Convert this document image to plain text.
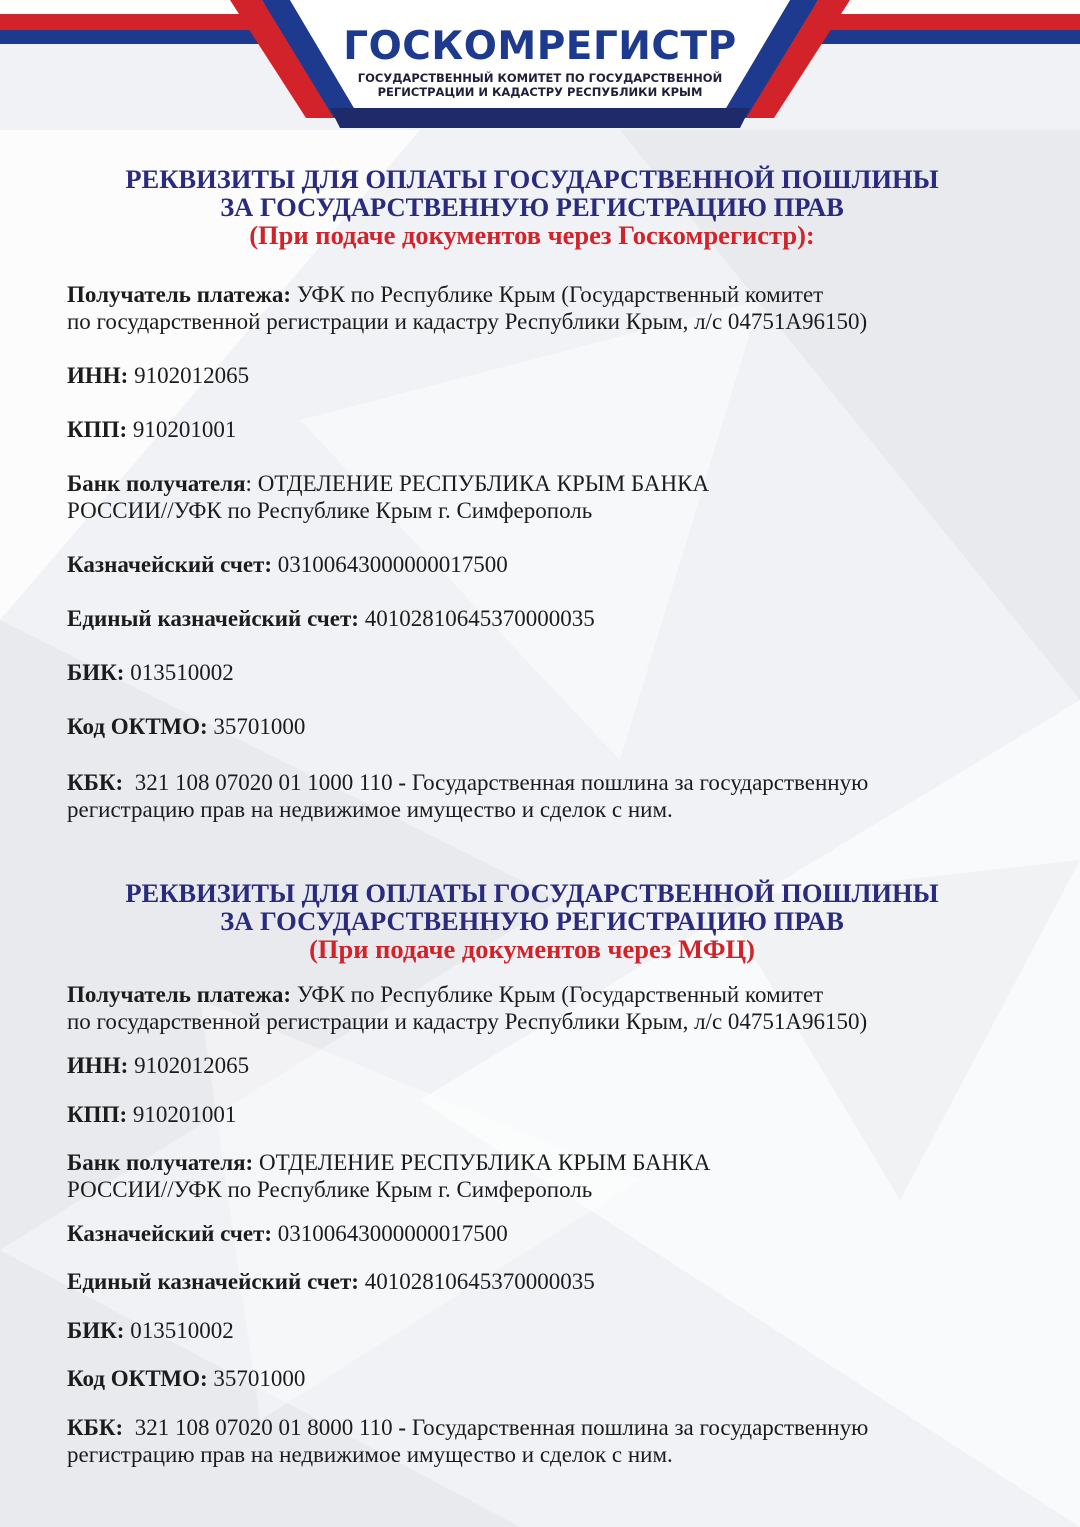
ГОСКОМРЕГИСТР
ГОСУДАРСТВЕННЫЙ КОМИТЕТ ПО ГОСУДАРСТВЕННОЙ
РЕГИСТРАЦИИ И КАДАСТРУ РЕСПУБЛИКИ КРЫМ
РЕКВИЗИТЫ ДЛЯ ОПЛАТЫ ГОСУДАРСТВЕННОЙ ПОШЛИНЫ
ЗА ГОСУДАРСТВЕННУЮ РЕГИСТРАЦИЮ ПРАВ
(При подаче документов через Госкомрегистр):
Получатель платежа: УФК по Республике Крым (Государственный комитет
по государственной регистрации и кадастру Республики Крым, л/с 04751А96150)
ИНН: 9102012065
КПП: 910201001
Банк получателя: ОТДЕЛЕНИЕ РЕСПУБЛИКА КРЫМ БАНКА
РОССИИ//УФК по Республике Крым г. Симферополь
Казначейский счет: 03100643000000017500
Единый казначейский счет: 40102810645370000035
БИК: 013510002
Код ОКТМО: 35701000
КБК: 321 108 07020 01 1000 110 - Государственная пошлина за государственную
регистрацию прав на недвижимое имущество и сделок с ним.
РЕКВИЗИТЫ ДЛЯ ОПЛАТЫ ГОСУДАРСТВЕННОЙ ПОШЛИНЫ
ЗА ГОСУДАРСТВЕННУЮ РЕГИСТРАЦИЮ ПРАВ
(При подаче документов через МФЦ)
Получатель платежа: УФК по Республике Крым (Государственный комитет
по государственной регистрации и кадастру Республики Крым, л/с 04751А96150)
ИНН: 9102012065
КПП: 910201001
Банк получателя: ОТДЕЛЕНИЕ РЕСПУБЛИКА КРЫМ БАНКА
РОССИИ//УФК по Республике Крым г. Симферополь
Казначейский счет: 03100643000000017500
Единый казначейский счет: 40102810645370000035
БИК: 013510002
Код ОКТМО: 35701000
КБК: 321 108 07020 01 8000 110 - Государственная пошлина за государственную
регистрацию прав на недвижимое имущество и сделок с ним.
